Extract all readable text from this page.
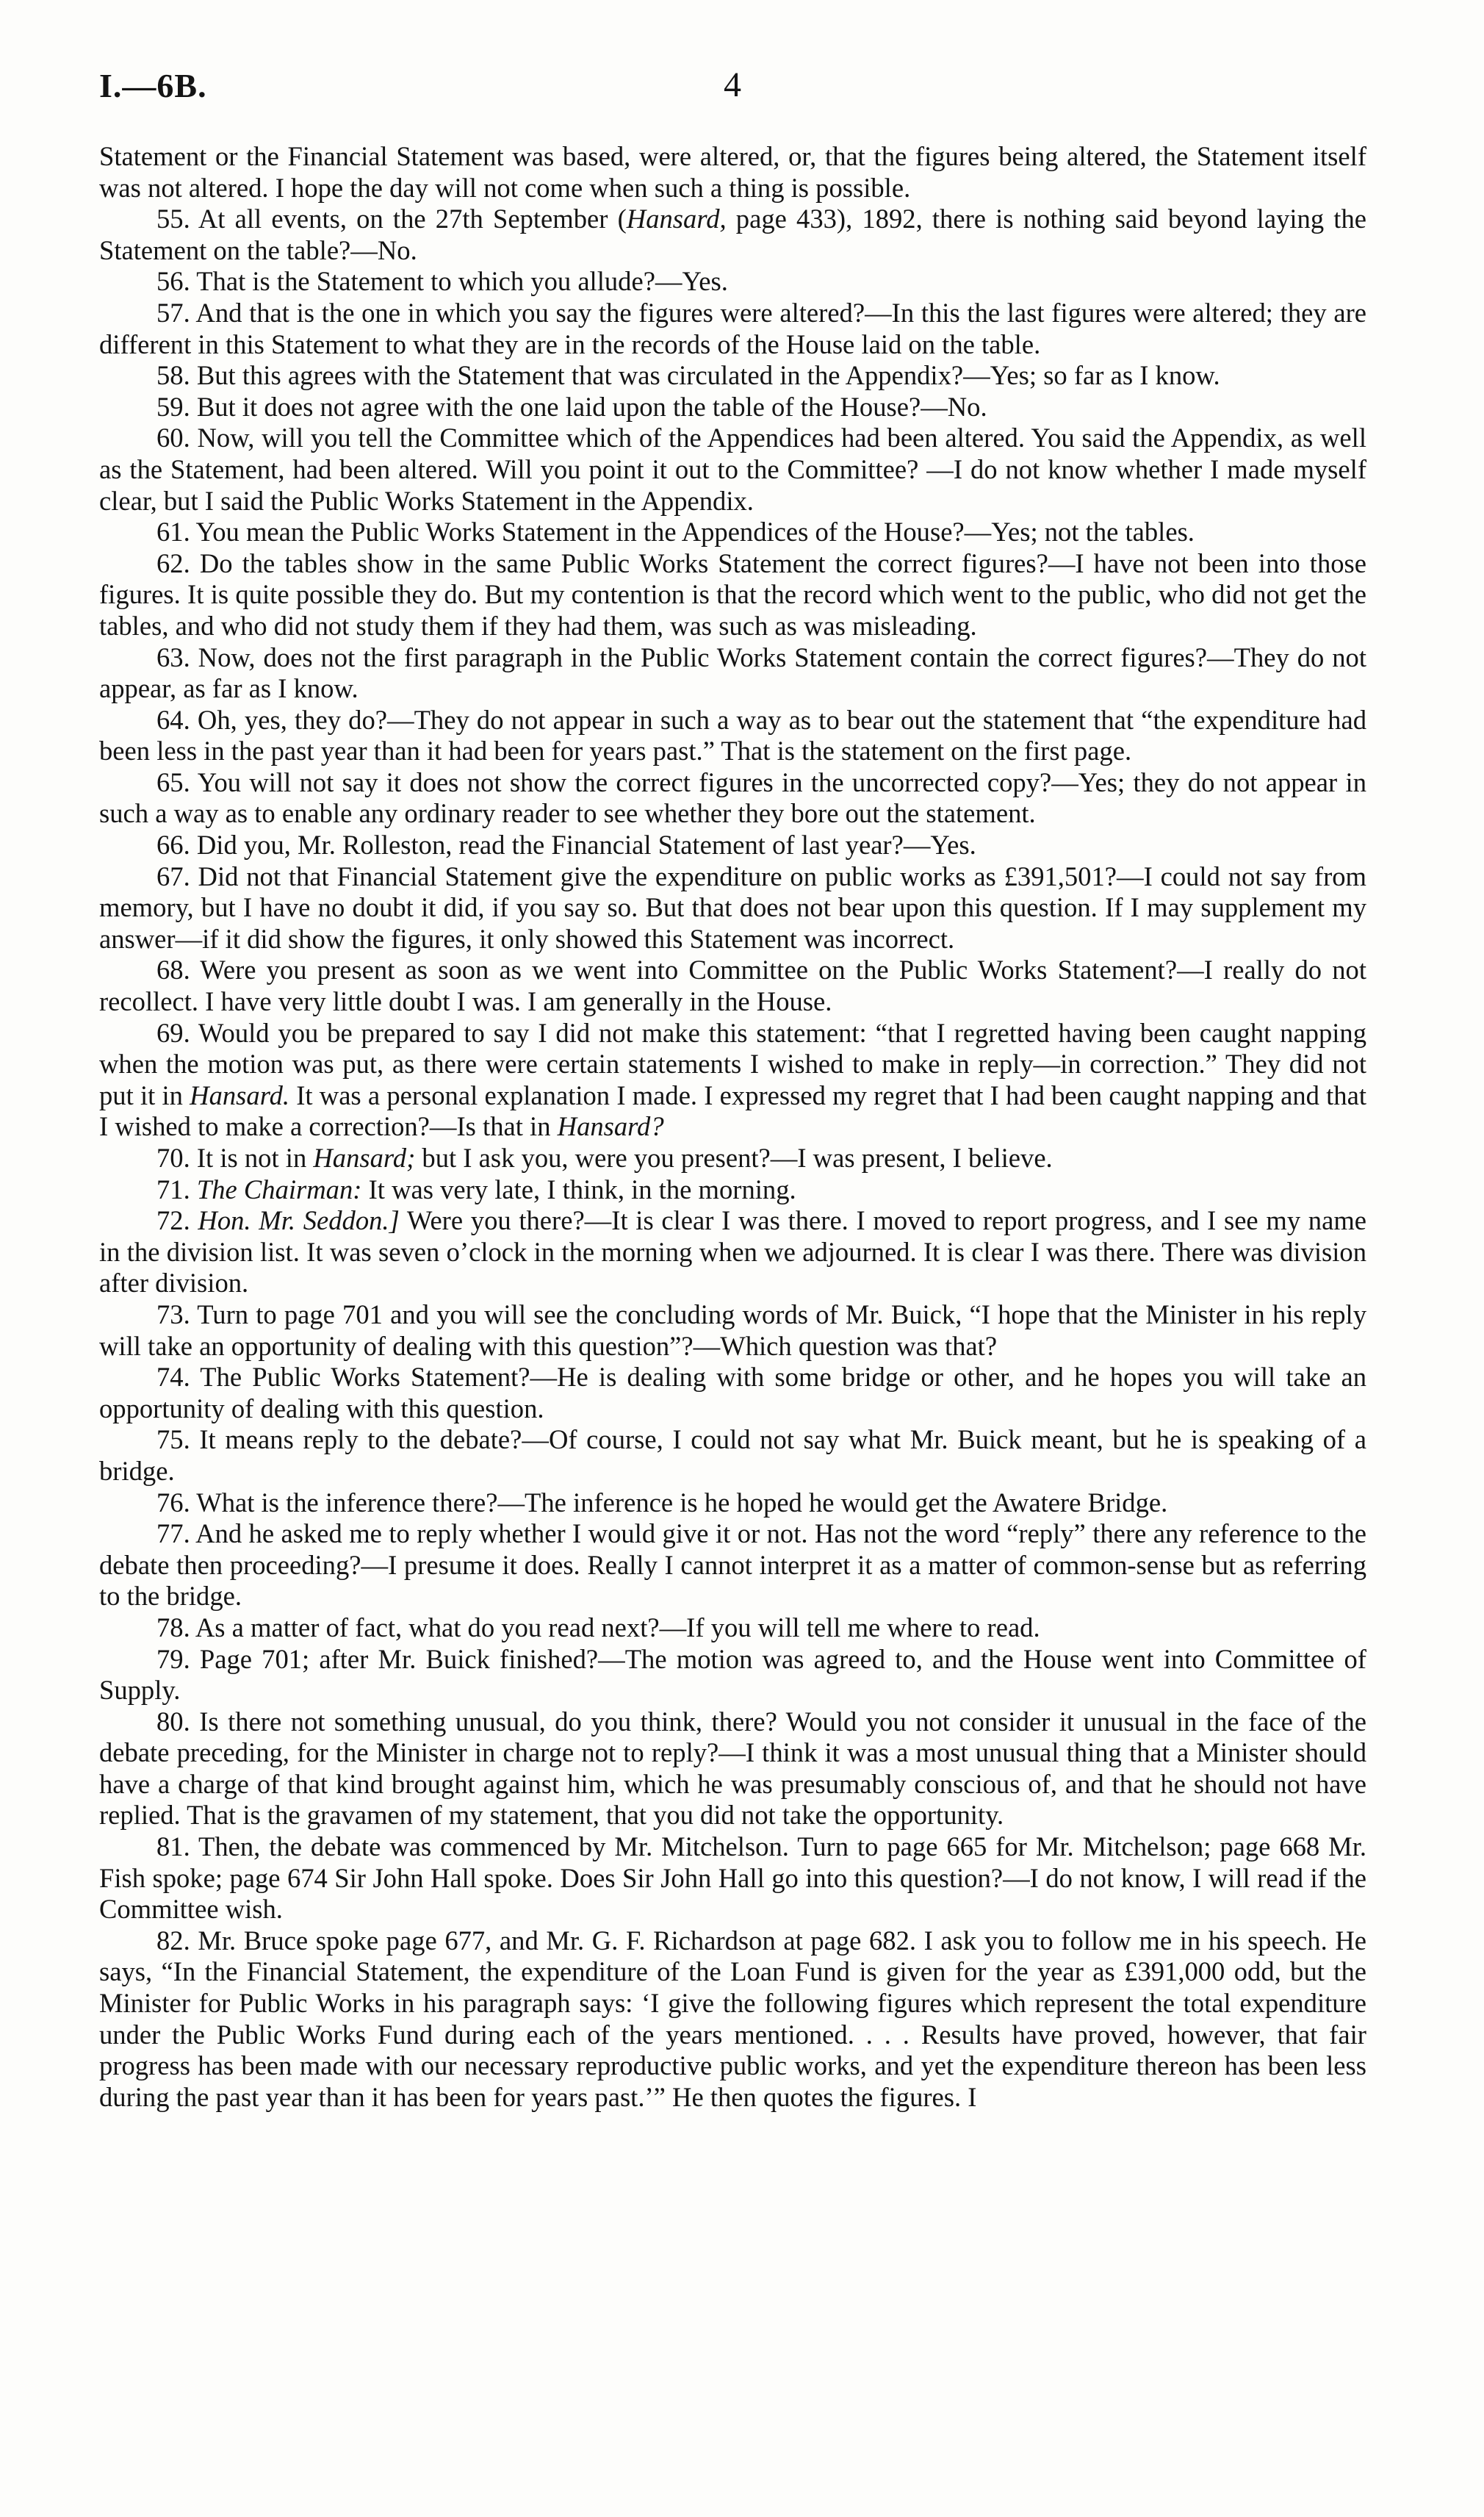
I.—6B.	4

Statement or the Financial Statement was based, were altered, or, that the figures being altered, the Statement itself was not altered. I hope the day will not come when such a thing is possible.

55. At all events, on the 27th September (Hansard, page 433), 1892, there is nothing said beyond laying the Statement on the table?—No.

56. That is the Statement to which you allude?—Yes.

57. And that is the one in which you say the figures were altered?—In this the last figures were altered; they are different in this Statement to what they are in the records of the House laid on the table.

58. But this agrees with the Statement that was circulated in the Appendix?—Yes; so far as I know.

59. But it does not agree with the one laid upon the table of the House?—No.

60. Now, will you tell the Committee which of the Appendices had been altered. You said the Appendix, as well as the Statement, had been altered. Will you point it out to the Committee? —I do not know whether I made myself clear, but I said the Public Works Statement in the Appendix.

61. You mean the Public Works Statement in the Appendices of the House?—Yes; not the tables.

62. Do the tables show in the same Public Works Statement the correct figures?—I have not been into those figures. It is quite possible they do. But my contention is that the record which went to the public, who did not get the tables, and who did not study them if they had them, was such as was misleading.

63. Now, does not the first paragraph in the Public Works Statement contain the correct figures?—They do not appear, as far as I know.

64. Oh, yes, they do?—They do not appear in such a way as to bear out the statement that “the expenditure had been less in the past year than it had been for years past.” That is the statement on the first page.

65. You will not say it does not show the correct figures in the uncorrected copy?—Yes; they do not appear in such a way as to enable any ordinary reader to see whether they bore out the statement.

66. Did you, Mr. Rolleston, read the Financial Statement of last year?—Yes.

67. Did not that Financial Statement give the expenditure on public works as £391,501?—I could not say from memory, but I have no doubt it did, if you say so. But that does not bear upon this question. If I may supplement my answer—if it did show the figures, it only showed this Statement was incorrect.

68. Were you present as soon as we went into Committee on the Public Works Statement?—I really do not recollect. I have very little doubt I was. I am generally in the House.

69. Would you be prepared to say I did not make this statement: “that I regretted having been caught napping when the motion was put, as there were certain statements I wished to make in reply—in correction.” They did not put it in Hansard. It was a personal explanation I made. I expressed my regret that I had been caught napping and that I wished to make a correction?—Is that in Hansard?

70. It is not in Hansard; but I ask you, were you present?—I was present, I believe.

71. The Chairman: It was very late, I think, in the morning.

72. Hon. Mr. Seddon.] Were you there?—It is clear I was there. I moved to report progress, and I see my name in the division list. It was seven o’clock in the morning when we adjourned. It is clear I was there. There was division after division.

73. Turn to page 701 and you will see the concluding words of Mr. Buick, “I hope that the Minister in his reply will take an opportunity of dealing with this question”?—Which question was that?

74. The Public Works Statement?—He is dealing with some bridge or other, and he hopes you will take an opportunity of dealing with this question.

75. It means reply to the debate?—Of course, I could not say what Mr. Buick meant, but he is speaking of a bridge.

76. What is the inference there?—The inference is he hoped he would get the Awatere Bridge.

77. And he asked me to reply whether I would give it or not. Has not the word “reply” there any reference to the debate then proceeding?—I presume it does. Really I cannot interpret it as a matter of common-sense but as referring to the bridge.

78. As a matter of fact, what do you read next?—If you will tell me where to read.

79. Page 701; after Mr. Buick finished?—The motion was agreed to, and the House went into Committee of Supply.

80. Is there not something unusual, do you think, there? Would you not consider it unusual in the face of the debate preceding, for the Minister in charge not to reply?—I think it was a most unusual thing that a Minister should have a charge of that kind brought against him, which he was presumably conscious of, and that he should not have replied. That is the gravamen of my statement, that you did not take the opportunity.

81. Then, the debate was commenced by Mr. Mitchelson. Turn to page 665 for Mr. Mitchelson; page 668 Mr. Fish spoke; page 674 Sir John Hall spoke. Does Sir John Hall go into this question?—I do not know, I will read if the Committee wish.

82. Mr. Bruce spoke page 677, and Mr. G. F. Richardson at page 682. I ask you to follow me in his speech. He says, “In the Financial Statement, the expenditure of the Loan Fund is given for the year as £391,000 odd, but the Minister for Public Works in his paragraph says: ‘I give the following figures which represent the total expenditure under the Public Works Fund during each of the years mentioned. . . . Results have proved, however, that fair progress has been made with our necessary reproductive public works, and yet the expenditure thereon has been less during the past year than it has been for years past.’” He then quotes the figures. I
